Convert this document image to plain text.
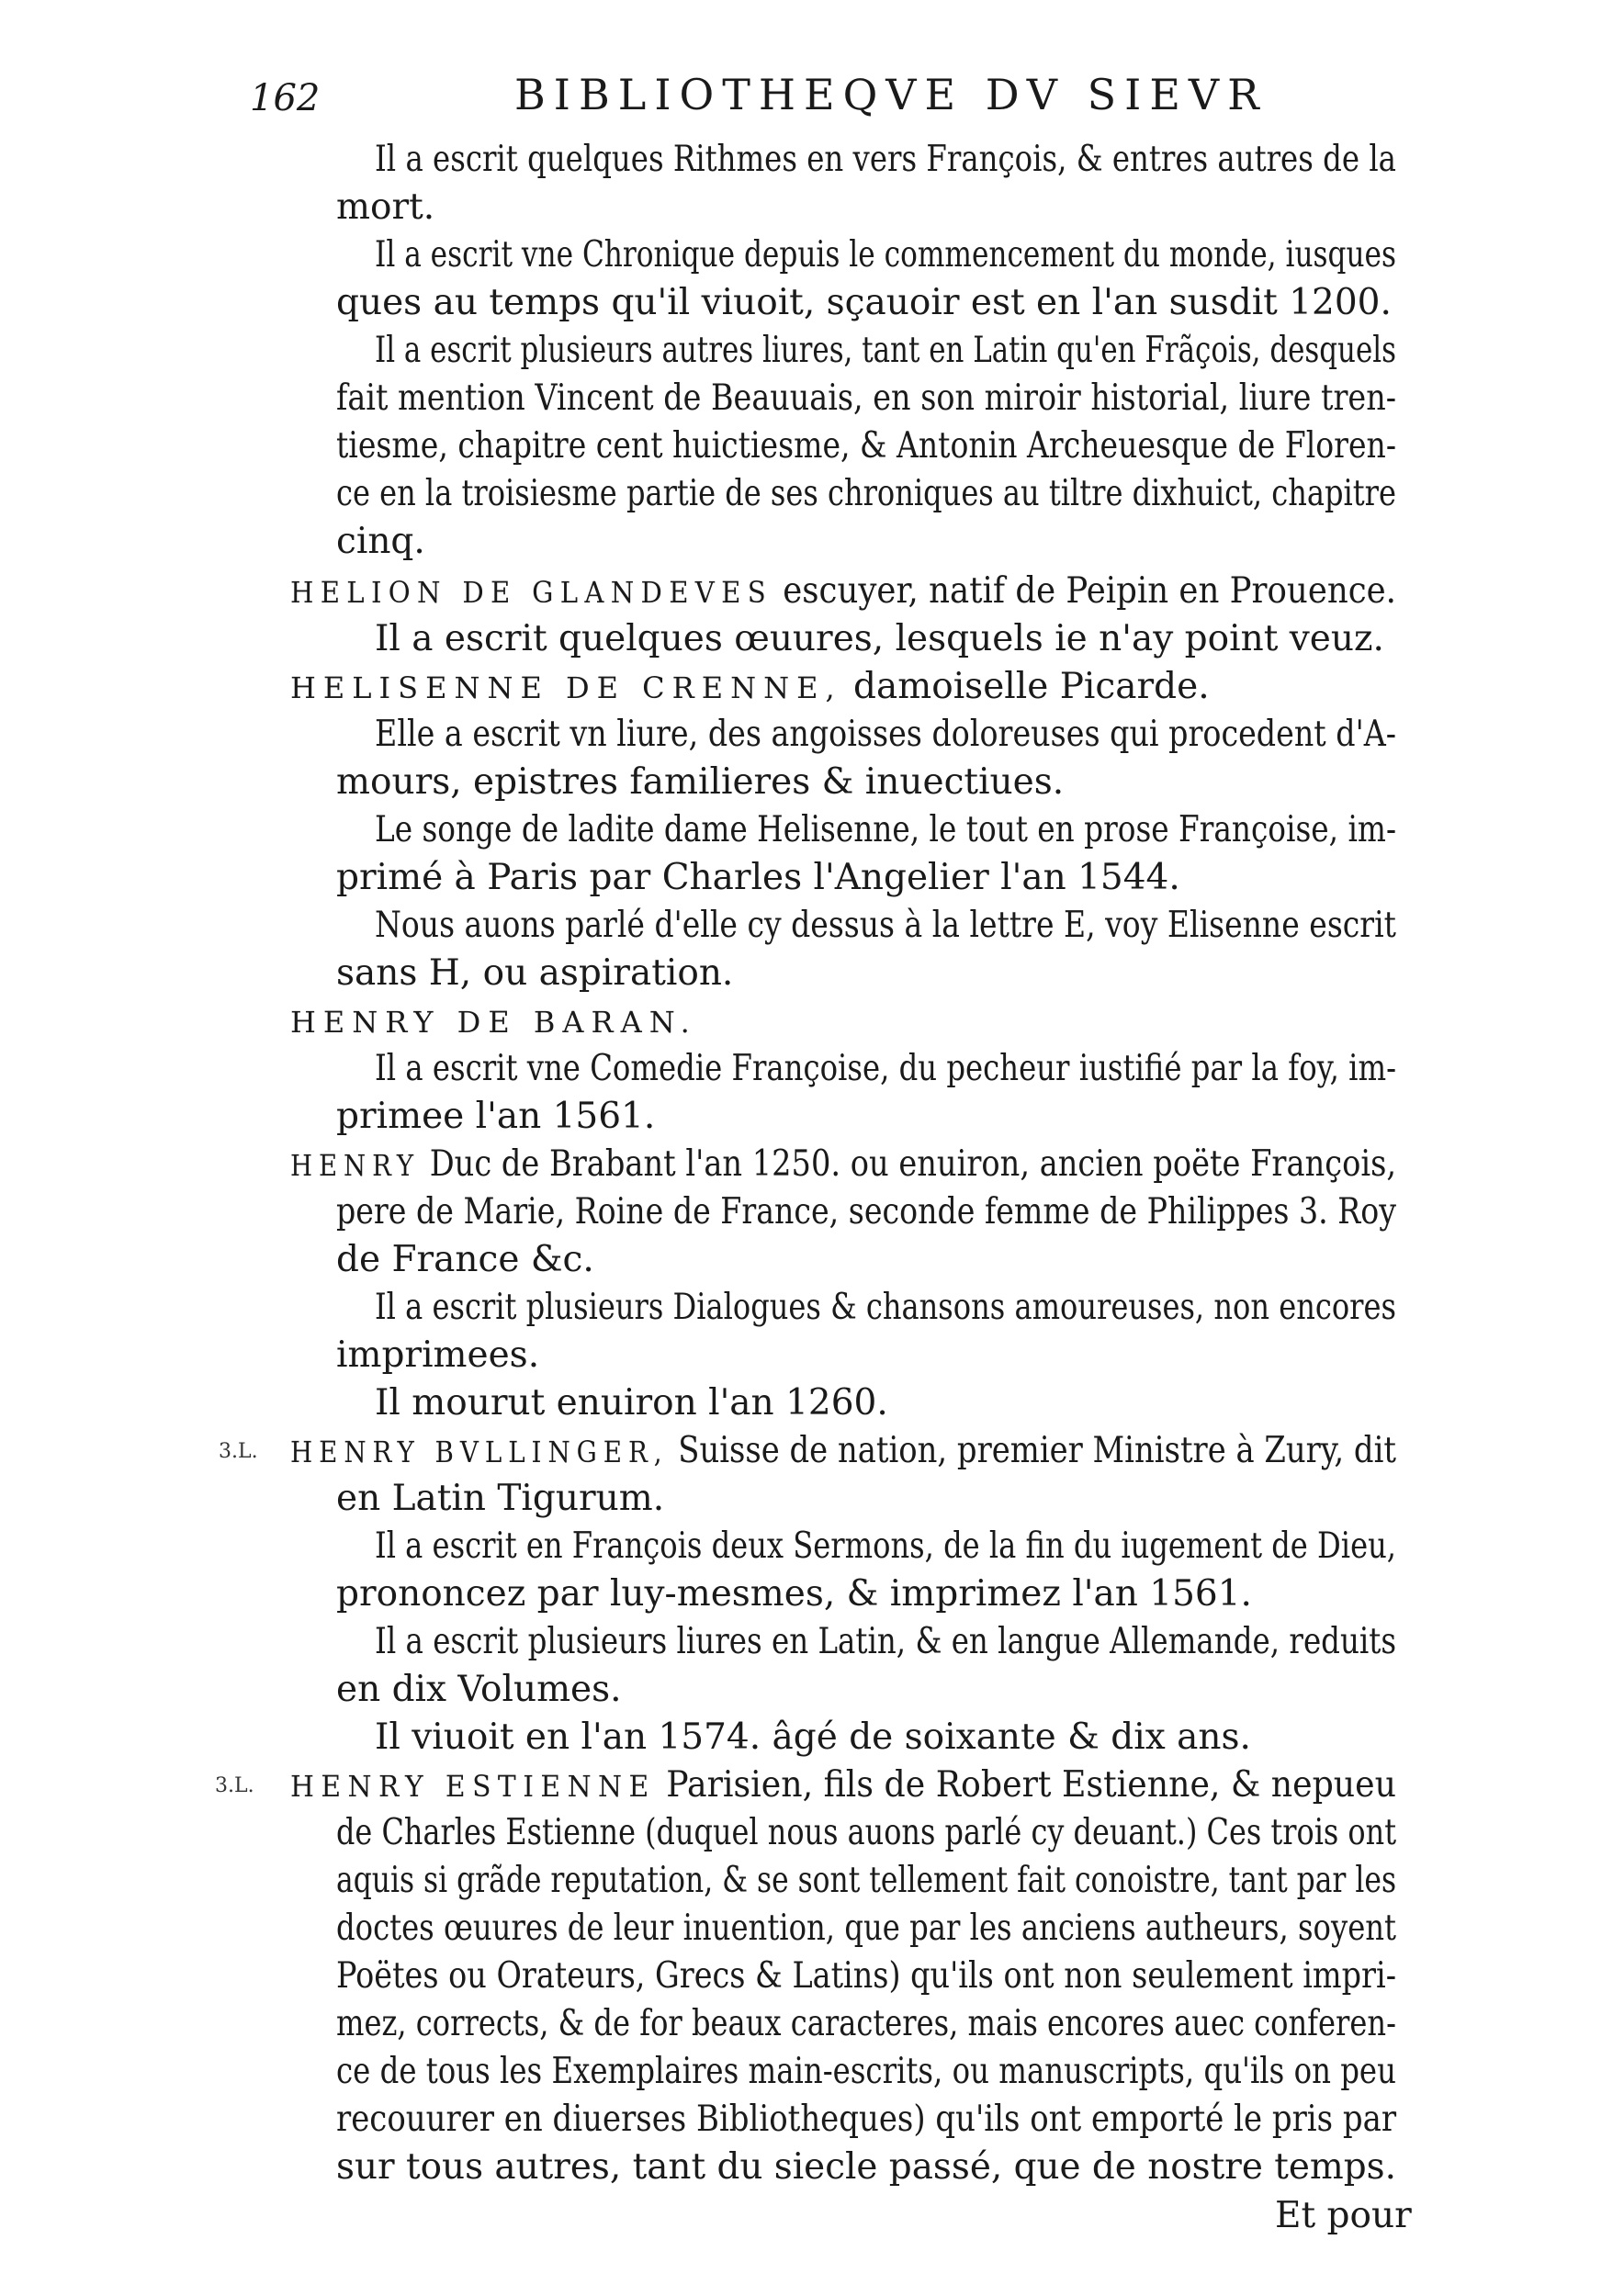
162	BIBLIOTHEQVE DV SIEVR
Il a escrit quelques Rithmes en vers François, & entres autres de la
mort.
Il a escrit vne Chronique depuis le commencement du monde, iusques
ques au temps qu'il viuoit, sçauoir est en l'an susdit 1200.
Il a escrit plusieurs autres liures, tant en Latin qu'en Frãçois, desquels
fait mention Vincent de Beauuais, en son miroir historial, liure tren-
tiesme, chapitre cent huictiesme, & Antonin Archeuesque de Floren-
ce en la troisiesme partie de ses chroniques au tiltre dixhuict, chapitre
cinq.
HELION DE GLANDEVES escuyer, natif de Peipin en Prouence.
Il a escrit quelques œuures, lesquels ie n'ay point veuz.
HELISENNE DE CRENNE, damoiselle Picarde.
Elle a escrit vn liure, des angoisses doloreuses qui procedent d'A-
mours, epistres familieres & inuectiues.
Le songe de ladite dame Helisenne, le tout en prose Françoise, im-
primé à Paris par Charles l'Angelier l'an 1544.
Nous auons parlé d'elle cy dessus à la lettre E, voy Elisenne escrit
sans H, ou aspiration.
HENRY DE BARAN.
Il a escrit vne Comedie Françoise, du pecheur iustifié par la foy, im-
primee l'an 1561.
HENRY Duc de Brabant l'an 1250. ou enuiron, ancien poëte François,
pere de Marie, Roine de France, seconde femme de Philippes 3. Roy
de France &c.
Il a escrit plusieurs Dialogues & chansons amoureuses, non encores
imprimees.
Il mourut enuiron l'an 1260.
3.L. HENRY BVLLINGER, Suisse de nation, premier Ministre à Zury, dit
en Latin Tigurum.
Il a escrit en François deux Sermons, de la fin du iugement de Dieu,
prononcez par luy-mesmes, & imprimez l'an 1561.
Il a escrit plusieurs liures en Latin, & en langue Allemande, reduits
en dix Volumes.
Il viuoit en l'an 1574. âgé de soixante & dix ans.
3.L. HENRY ESTIENNE Parisien, fils de Robert Estienne, & nepueu
de Charles Estienne (duquel nous auons parlé cy deuant.) Ces trois ont
aquis si grãde reputation, & se sont tellement fait conoistre, tant par les
doctes œuures de leur inuention, que par les anciens autheurs, soyent
Poëtes ou Orateurs, Grecs & Latins) qu'ils ont non seulement impri-
mez, corrects, & de for beaux caracteres, mais encores auec conferen-
ce de tous les Exemplaires main-escrits, ou manuscripts, qu'ils on peu
recouurer en diuerses Bibliotheques) qu'ils ont emporté le pris par
sur tous autres, tant du siecle passé, que de nostre temps.
Et pour
